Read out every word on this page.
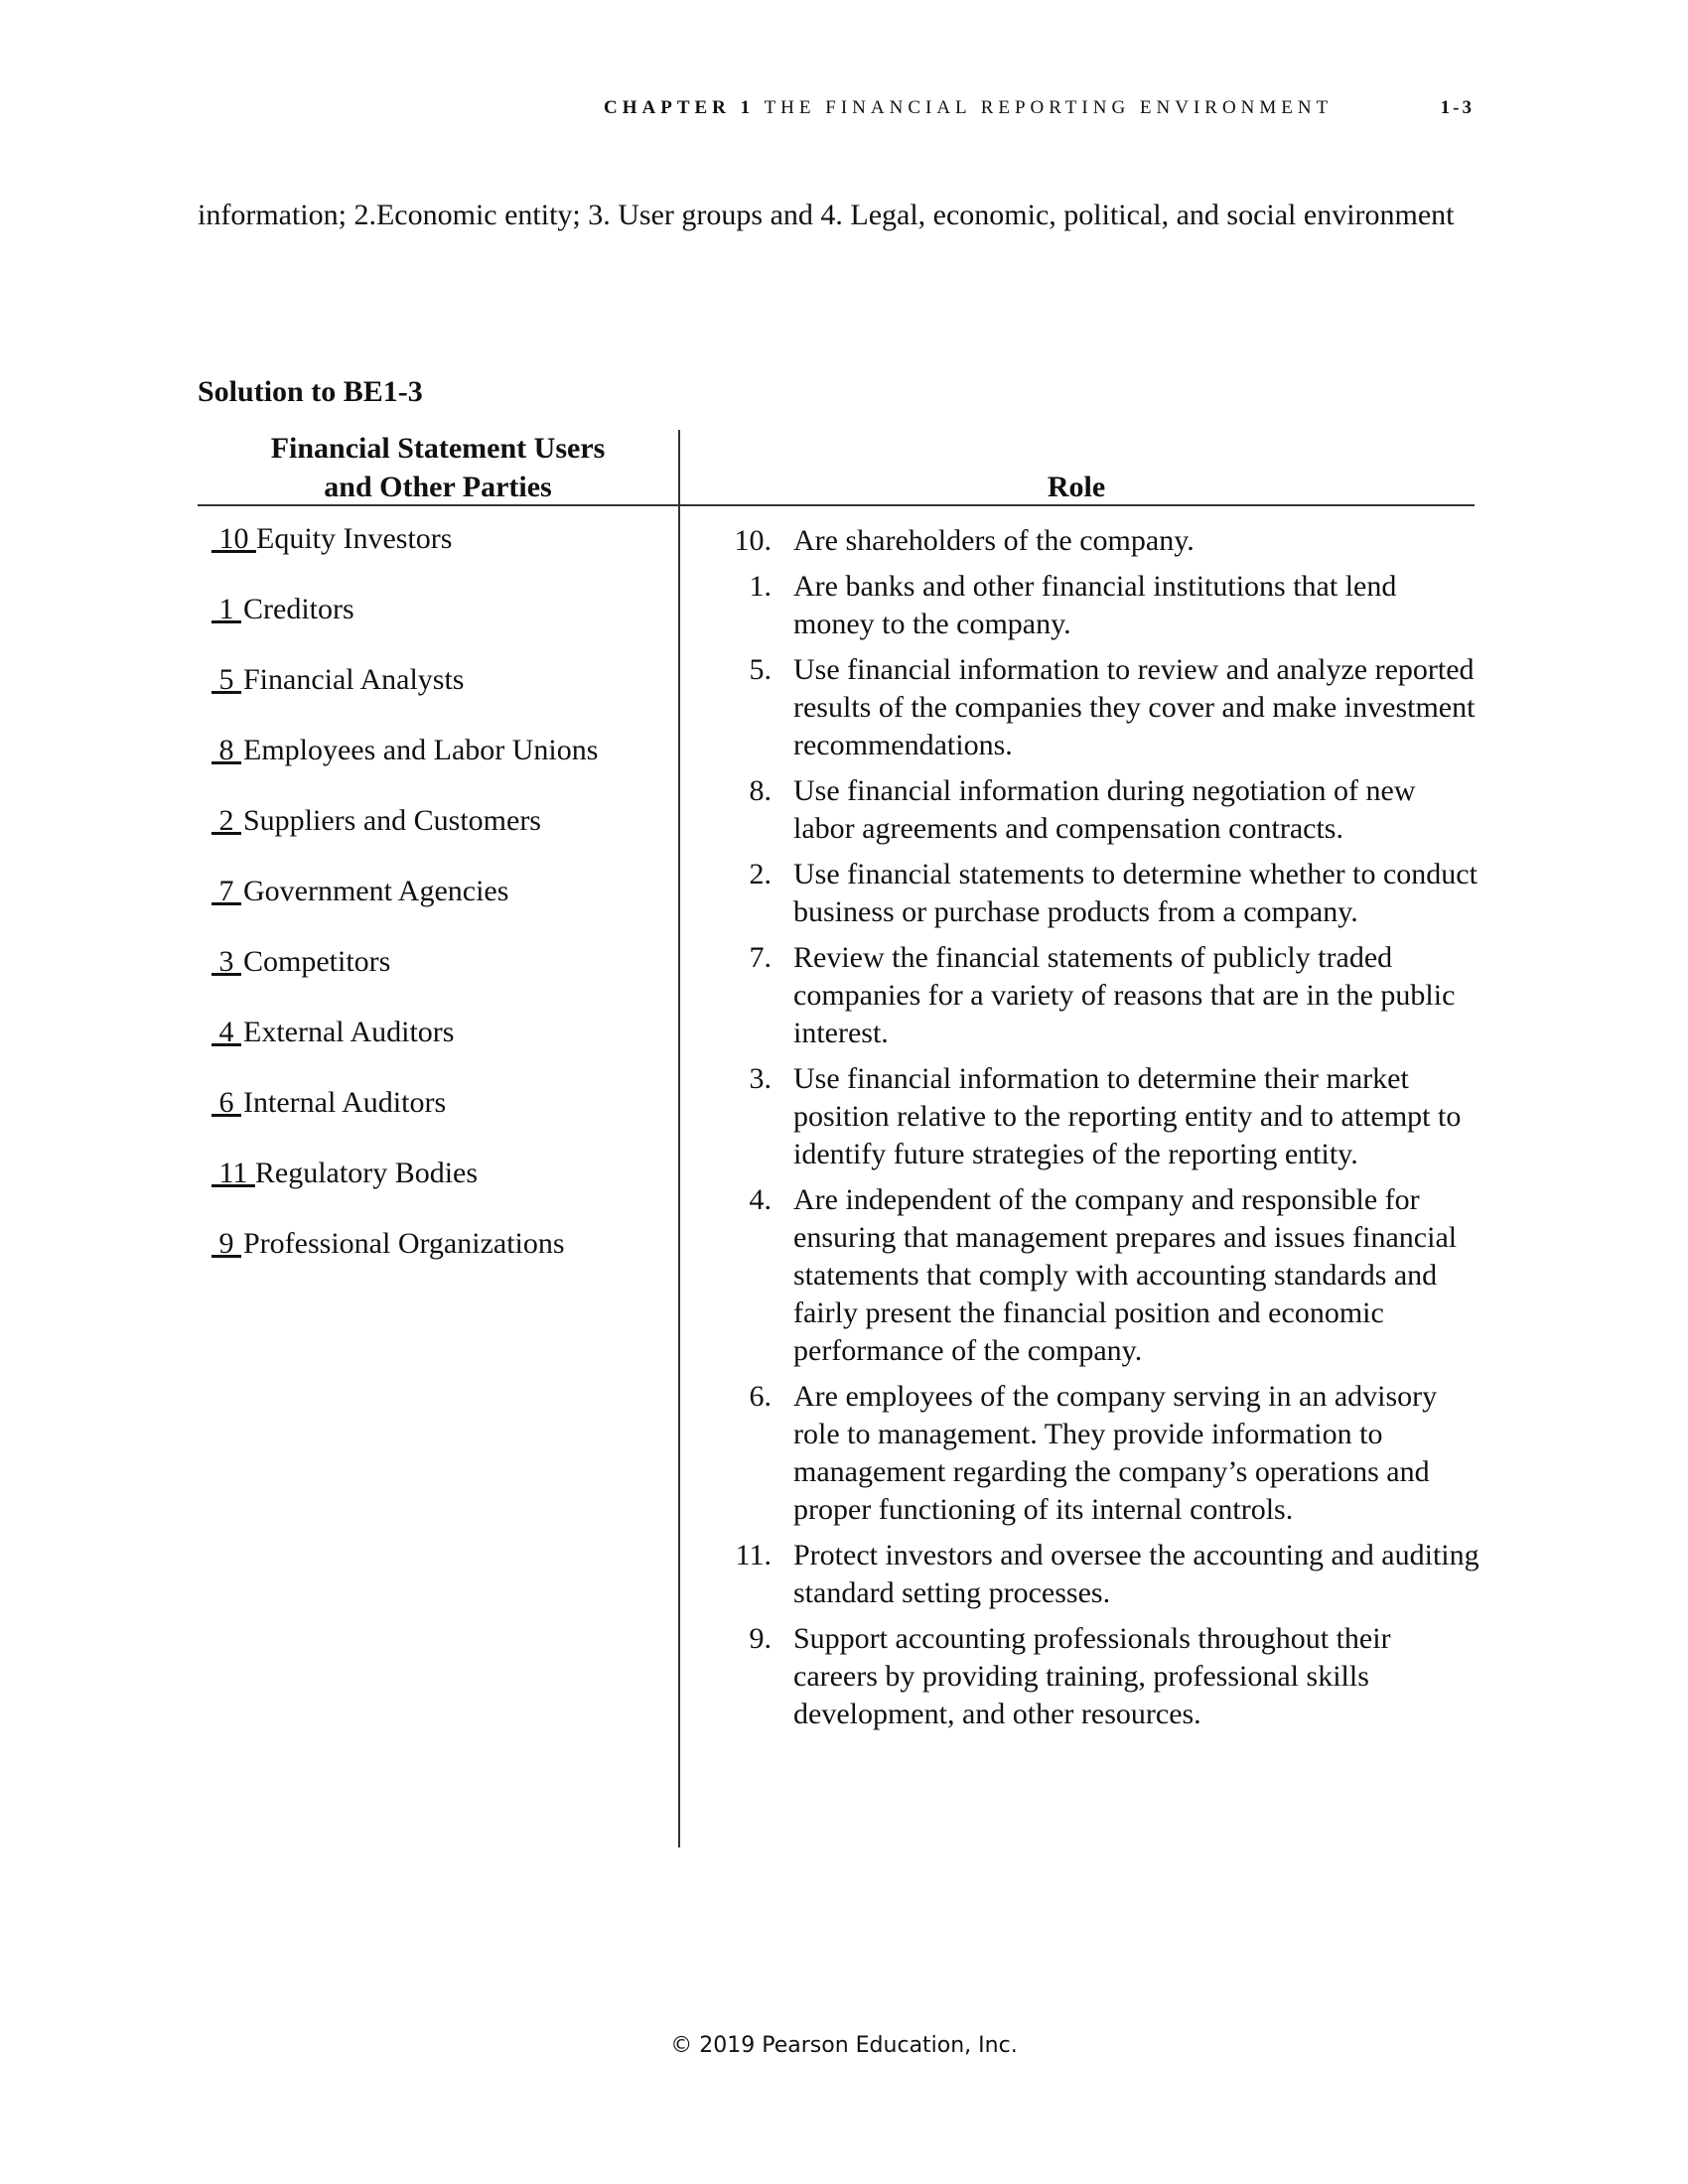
CHAPTER 1 THE FINANCIAL REPORTING ENVIRONMENT	1-3
information; 2.Economic entity; 3. User groups and 4. Legal, economic, political, and social environment
Solution to BE1-3
Financial Statement Users
and Other Parties	Role
10 Equity Investors
1 Creditors
5 Financial Analysts
8 Employees and Labor Unions
2 Suppliers and Customers
7 Government Agencies
3 Competitors
4 External Auditors
6 Internal Auditors
11 Regulatory Bodies
9 Professional Organizations
10. Are shareholders of the company.
1. Are banks and other financial institutions that lend money to the company.
5. Use financial information to review and analyze reported results of the companies they cover and make investment recommendations.
8. Use financial information during negotiation of new labor agreements and compensation contracts.
2. Use financial statements to determine whether to conduct business or purchase products from a company.
7. Review the financial statements of publicly traded companies for a variety of reasons that are in the public interest.
3. Use financial information to determine their market position relative to the reporting entity and to attempt to identify future strategies of the reporting entity.
4. Are independent of the company and responsible for ensuring that management prepares and issues financial statements that comply with accounting standards and fairly present the financial position and economic performance of the company.
6. Are employees of the company serving in an advisory role to management. They provide information to management regarding the company’s operations and proper functioning of its internal controls.
11. Protect investors and oversee the accounting and auditing standard setting processes.
9. Support accounting professionals throughout their careers by providing training, professional skills development, and other resources.
© 2019 Pearson Education, Inc.
